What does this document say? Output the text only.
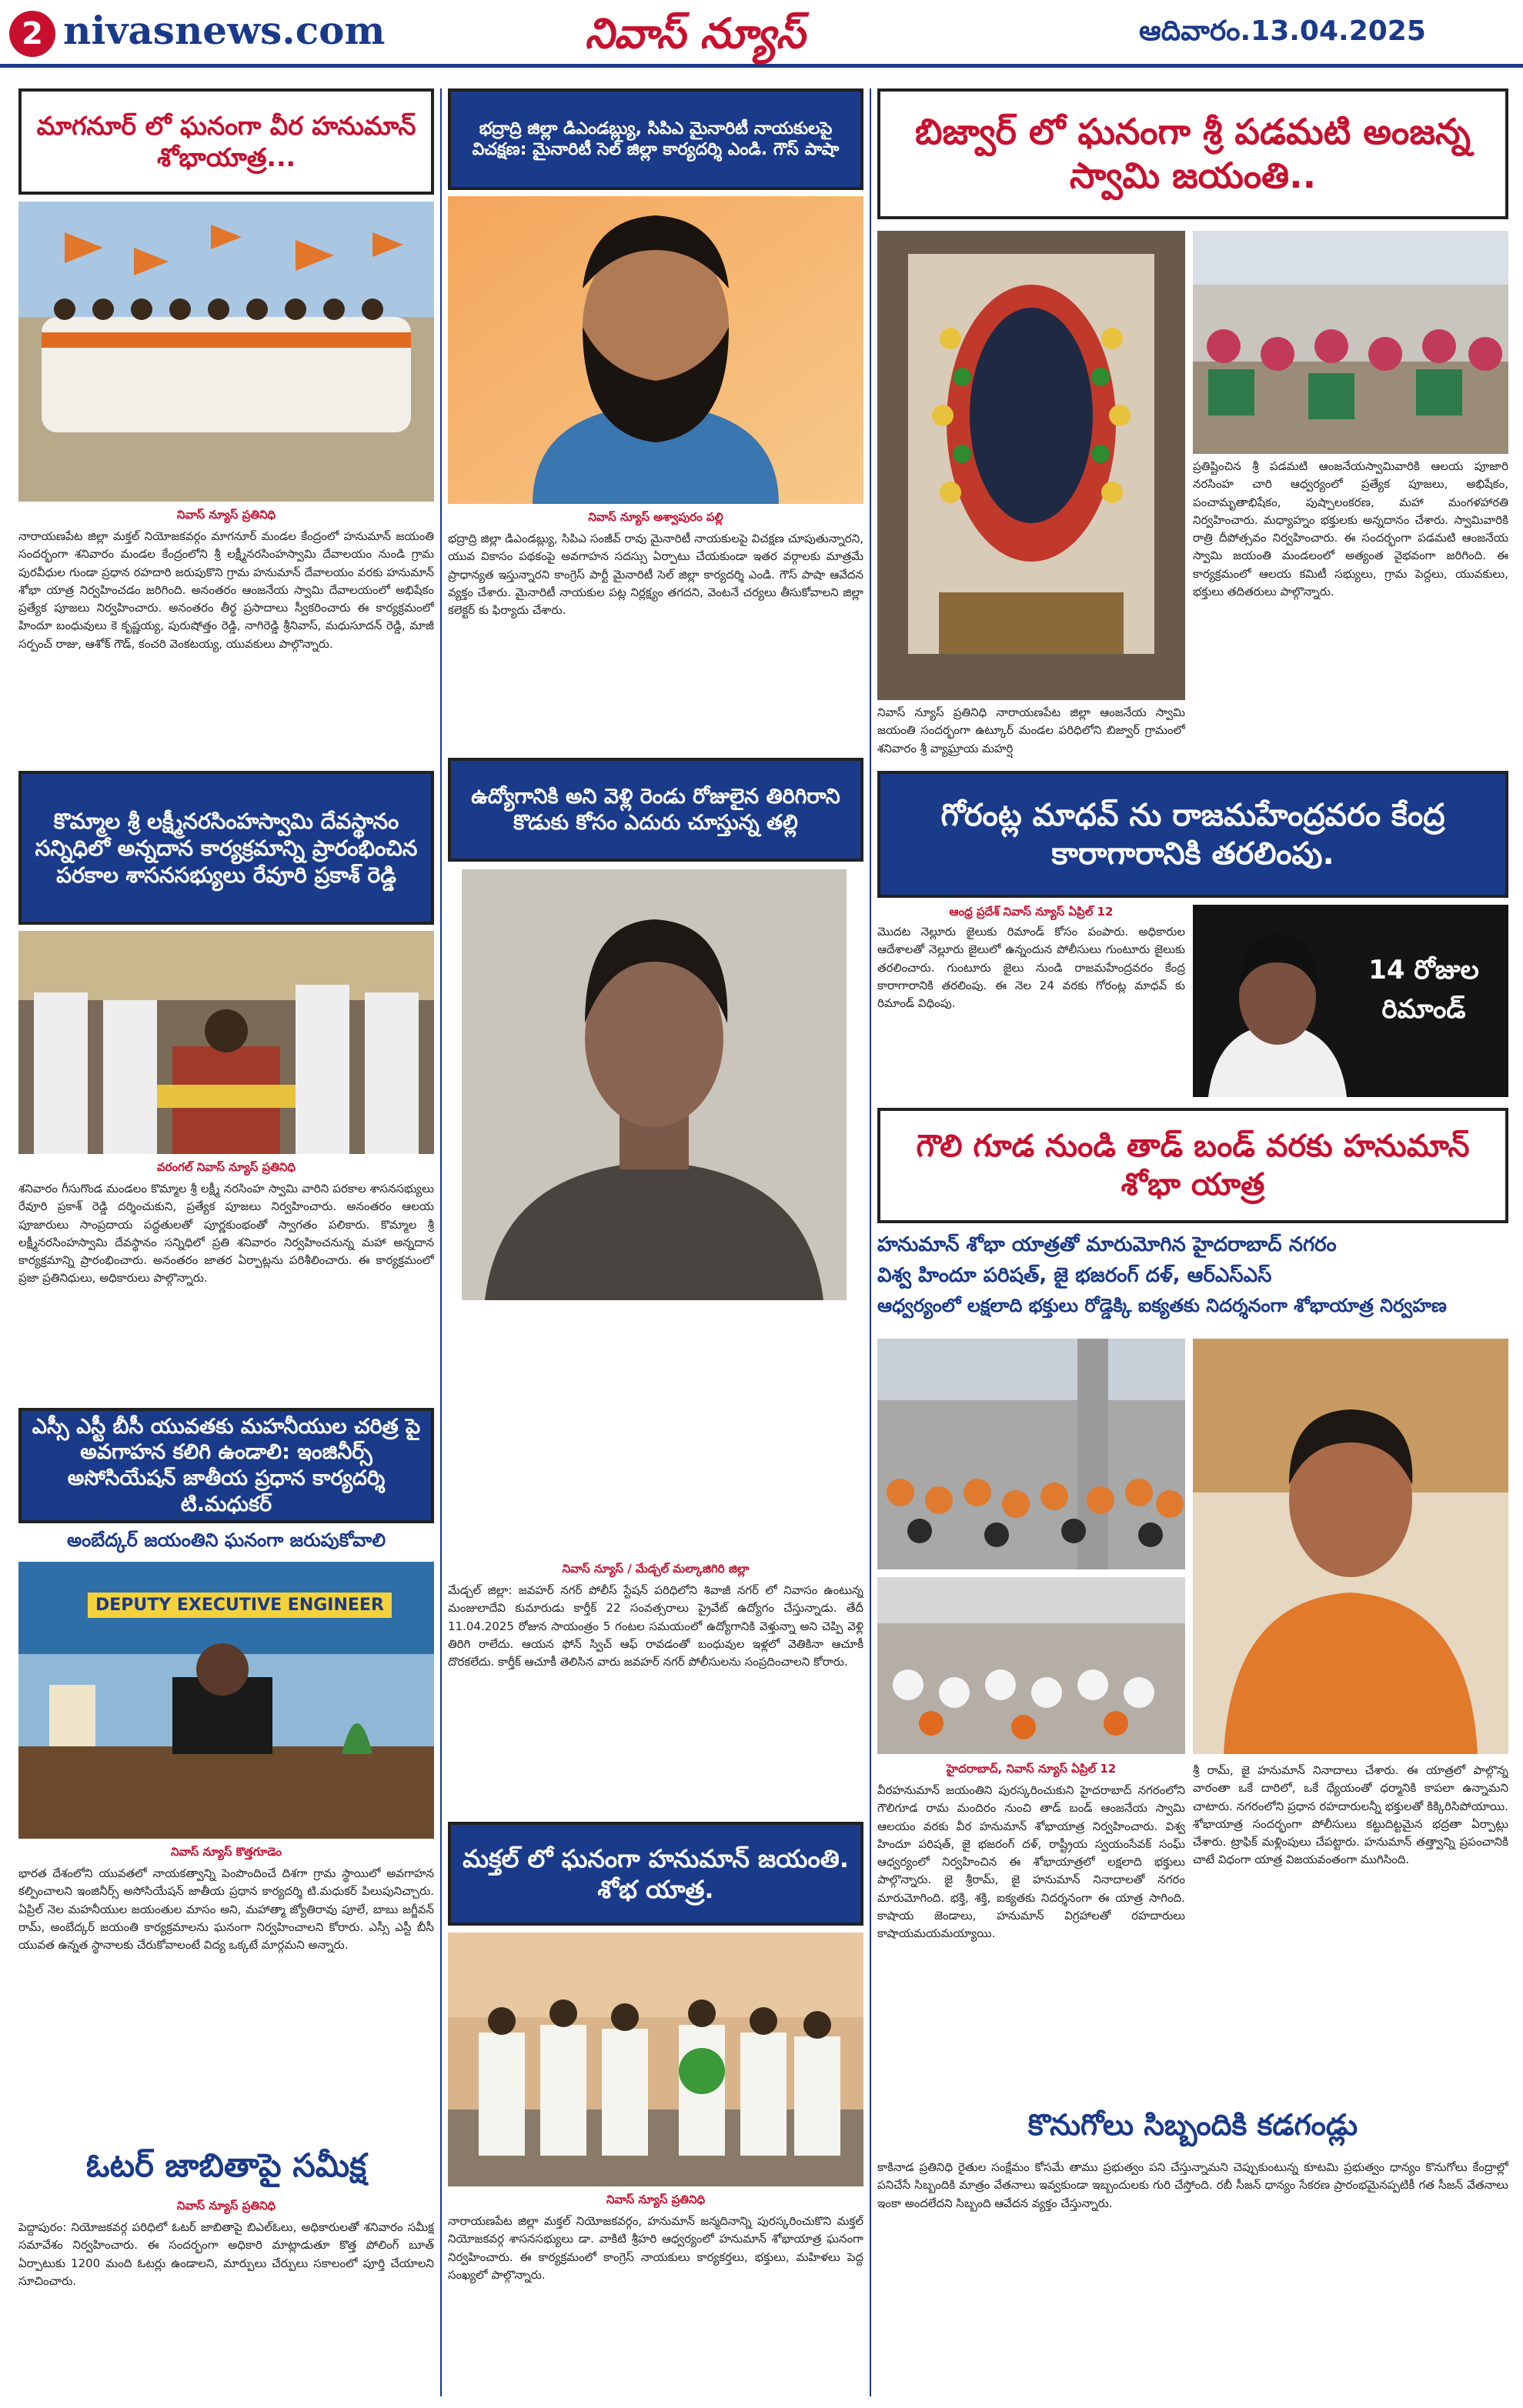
2 nivasnews.com	నివాస్ న్యూస్	ఆదివారం.13.04.2025
మాగనూర్ లో ఘనంగా వీర హనుమాన్ శోభాయాత్ర...
నివాస్ న్యూస్ ప్రతినిధి
నారాయణపేట జిల్లా మక్తల్ నియోజకవర్గం మాగనూర్ మండల కేంద్రంలో హనుమాన్ జయంతి సందర్భంగా శనివారం మండల కేంద్రంలోని శ్రీ లక్ష్మీనరసింహస్వామి దేవాలయం నుండి గ్రామ పురవీధుల గుండా ప్రధాన రహదారి జరుపుకొని గ్రామ హనుమాన్ దేవాలయం వరకు హనుమాన్ శోభా యాత్ర నిర్వహించడం జరిగింది. అనంతరం ఆంజనేయ స్వామి దేవాలయంలో అభిషేకం ప్రత్యేక పూజలు నిర్వహించారు. అనంతరం తీర్థ ప్రసాదాలు స్వీకరించారు ఈ కార్యక్రమంలో హిందూ బంధువులు కె కృష్ణయ్య, పురుషోత్తం రెడ్డి, నాగిరెడ్డి శ్రీనివాస్, మధుసూదన్ రెడ్డి, మాజీ సర్పంచ్ రాజు, ఆశోక్ గౌడ్, కంచరి వెంకటయ్య, యువకులు పాల్గొన్నారు.
కొమ్మాల శ్రీ లక్ష్మీనరసింహస్వామి దేవస్థానం సన్నిధిలో అన్నదాన కార్యక్రమాన్ని ప్రారంభించిన పరకాల శాసనసభ్యులు రేవూరి ప్రకాశ్ రెడ్డి
వరంగల్ నివాస్ న్యూస్ ప్రతినిధి
శనివారం గీసుగొండ మండలం కొమ్మాల శ్రీ లక్ష్మీ నరసింహ స్వామి వారిని పరకాల శాసనసభ్యులు రేవూరి ప్రకాశ్ రెడ్డి దర్శించుకుని, ప్రత్యేక పూజలు నిర్వహించారు. అనంతరం ఆలయ పూజారులు సాంప్రదాయ పద్ధతులతో పూర్ణకుంభంతో స్వాగతం పలికారు. కొమ్మాల శ్రీ లక్ష్మీనరసింహస్వామి దేవస్థానం సన్నిధిలో ప్రతి శనివారం నిర్వహించనున్న మహా అన్నదాన కార్యక్రమాన్ని ప్రారంభించారు. అనంతరం జాతర ఏర్పాట్లను పరిశీలించారు. ఈ కార్యక్రమంలో ప్రజా ప్రతినిధులు, అధికారులు పాల్గొన్నారు.
ఎస్సీ ఎస్టీ బీసీ యువతకు మహనీయుల చరిత్ర పై అవగాహన కలిగి ఉండాలి: ఇంజినీర్స్ అసోసియేషన్ జాతీయ ప్రధాన కార్యదర్శి టి.మధుకర్
అంబేద్కర్ జయంతిని ఘనంగా జరుపుకోవాలి
DEPUTY EXECUTIVE ENGINEER
నివాస్ న్యూస్ కొత్తగూడెం
భారత దేశంలోని యువతలో నాయకత్వాన్ని పెంపొందించే దిశగా గ్రామ స్థాయిలో అవగాహన కల్పించాలని ఇంజినీర్స్ అసోసియేషన్ జాతీయ ప్రధాన కార్యదర్శి టి.మధుకర్ పిలుపునిచ్చారు. ఏప్రిల్ నెల మహనీయుల జయంతుల మాసం అని, మహాత్మా జ్యోతిరావు పూలే, బాబు జగ్జీవన్ రామ్, అంబేద్కర్ జయంతి కార్యక్రమాలను ఘనంగా నిర్వహించాలని కోరారు. ఎస్సీ ఎస్టీ బీసీ యువత ఉన్నత స్థానాలకు చేరుకోవాలంటే విద్య ఒక్కటే మార్గమని అన్నారు.
ఓటర్ జాబితాపై సమీక్ష
నివాస్ న్యూస్ ప్రతినిధి
పెద్దాపురం: నియోజకవర్గ పరిధిలో ఓటర్ జాబితాపై బిఎల్ఓలు, అధికారులతో శనివారం సమీక్ష సమావేశం నిర్వహించారు. ఈ సందర్భంగా అధికారి మాట్లాడుతూ కొత్త పోలింగ్ బూత్ ఏర్పాటుకు 1200 మంది ఓటర్లు ఉండాలని, మార్పులు చేర్పులు సకాలంలో పూర్తి చేయాలని సూచించారు.
భద్రాద్రి జిల్లా డిఎండబ్ల్యు, సిపిఎ మైనారిటీ నాయకులపై విచక్షణ: మైనారిటీ సెల్ జిల్లా కార్యదర్శి ఎండి. గౌస్ పాషా
నివాస్ న్యూస్ అశ్వాపురం పల్లి
భద్రాద్రి జిల్లా డిఎండబ్ల్యు, సిపిఎ సంజీవ్ రావు మైనారిటీ నాయకులపై విచక్షణ చూపుతున్నారని, యువ వికాసం పథకంపై అవగాహన సదస్సు ఏర్పాటు చేయకుండా ఇతర వర్గాలకు మాత్రమే ప్రాధాన్యత ఇస్తున్నారని కాంగ్రెస్ పార్టీ మైనారిటీ సెల్ జిల్లా కార్యదర్శి ఎండి. గౌస్ పాషా ఆవేదన వ్యక్తం చేశారు. మైనారిటీ నాయకుల పట్ల నిర్లక్ష్యం తగదని, వెంటనే చర్యలు తీసుకోవాలని జిల్లా కలెక్టర్ కు ఫిర్యాదు చేశారు.
ఉద్యోగానికి అని వెళ్లి రెండు రోజులైన తిరిగిరాని కొడుకు కోసం ఎదురు చూస్తున్న తల్లి
నివాస్ న్యూస్ / మేడ్చల్ మల్కాజిగిరి జిల్లా
మేడ్చల్ జిల్లా: జవహర్ నగర్ పోలీస్ స్టేషన్ పరిధిలోని శివాజీ నగర్ లో నివాసం ఉంటున్న మంజులాదేవి కుమారుడు కార్తీక్ 22 సంవత్సరాలు ప్రైవేట్ ఉద్యోగం చేస్తున్నాడు. తేదీ 11.04.2025 రోజున సాయంత్రం 5 గంటల సమయంలో ఉద్యోగానికి వెళ్తున్నా అని చెప్పి వెళ్లి తిరిగి రాలేదు. ఆయన ఫోన్ స్విచ్ ఆఫ్ రావడంతో బంధువుల ఇళ్లలో వెతికినా ఆచూకీ దొరకలేదు. కార్తీక్ ఆచూకీ తెలిసిన వారు జవహర్ నగర్ పోలీసులను సంప్రదించాలని కోరారు.
మక్తల్ లో ఘనంగా హనుమాన్ జయంతి. శోభ యాత్ర.
నివాస్ న్యూస్ ప్రతినిధి
నారాయణపేట జిల్లా మక్తల్ నియోజకవర్గం, హనుమాన్ జన్మదినాన్ని పురస్కరించుకొని మక్తల్ నియోజకవర్గ శాసనసభ్యులు డా. వాకిటి శ్రీహరి ఆధ్వర్యంలో హనుమాన్ శోభాయాత్ర ఘనంగా నిర్వహించారు. ఈ కార్యక్రమంలో కాంగ్రెస్ నాయకులు కార్యకర్తలు, భక్తులు, మహిళలు పెద్ద సంఖ్యలో పాల్గొన్నారు.
బిజ్వార్ లో ఘనంగా శ్రీ పడమటి అంజన్న స్వామి జయంతి..
ప్రతిష్టించిన శ్రీ పడమటి ఆంజనేయస్వామివారికి ఆలయ పూజారి నరసింహ చారి ఆధ్వర్యంలో ప్రత్యేక పూజలు, అభిషేకం, పంచామృతాభిషేకం, పుష్పాలంకరణ, మహా మంగళహారతి నిర్వహించారు. మధ్యాహ్నం భక్తులకు అన్నదానం చేశారు. స్వామివారికి రాత్రి దీపోత్సవం నిర్వహించారు. ఈ సందర్భంగా పడమటి ఆంజనేయ స్వామి జయంతి మండలంలో అత్యంత వైభవంగా జరిగింది. ఈ కార్యక్రమంలో ఆలయ కమిటీ సభ్యులు, గ్రామ పెద్దలు, యువకులు, భక్తులు తదితరులు పాల్గొన్నారు.
నివాస్ న్యూస్ ప్రతినిధి నారాయణపేట జిల్లా ఆంజనేయ స్వామి జయంతి సందర్భంగా ఉట్కూర్ మండల పరిధిలోని బిజ్వార్ గ్రామంలో శనివారం శ్రీ వ్యాఘ్రాయ మహర్షి
గోరంట్ల మాధవ్ ను రాజమహేంద్రవరం కేంద్ర కారాగారానికి తరలింపు.
ఆంధ్ర ప్రదేశ్ నివాస్ న్యూస్ ఏప్రిల్ 12
మొదట నెల్లూరు జైలుకు రిమాండ్ కోసం పంపారు. అధికారుల ఆదేశాలతో నెల్లూరు జైలులో ఉన్నందున పోలీసులు గుంటూరు జైలుకు తరలించారు. గుంటూరు జైలు నుండి రాజమహేంద్రవరం కేంద్ర కారాగారానికి తరలింపు. ఈ నెల 24 వరకు గోరంట్ల మాధవ్ కు రిమాండ్ విధింపు.
14 రోజుల రిమాండ్
గౌలి గూడ నుండి తాడ్ బండ్ వరకు హనుమాన్ శోభా యాత్ర
హనుమాన్ శోభా యాత్రతో మారుమోగిన హైదరాబాద్ నగరం
విశ్వ హిందూ పరిషత్, జై భజరంగ్ దళ్, ఆర్ఎస్ఎస్
ఆధ్వర్యంలో లక్షలాది భక్తులు రోడ్డెక్కి ఐక్యతకు నిదర్శనంగా శోభాయాత్ర నిర్వహణ
హైదరాబాద్, నివాస్ న్యూస్ ఏప్రిల్ 12
వీరహనుమాన్ జయంతిని పురస్కరించుకుని హైదరాబాద్ నగరంలోని గౌలిగూడ రామ మందిరం నుంచి తాడ్ బండ్ ఆంజనేయ స్వామి ఆలయం వరకు వీర హనుమాన్ శోభాయాత్ర నిర్వహించారు. విశ్వ హిందూ పరిషత్, జై భజరంగ్ దళ్, రాష్ట్రీయ స్వయంసేవక్ సంఘ్ ఆధ్వర్యంలో నిర్వహించిన ఈ శోభాయాత్రలో లక్షలాది భక్తులు పాల్గొన్నారు. జై శ్రీరామ్, జై హనుమాన్ నినాదాలతో నగరం మారుమోగింది. భక్తి, శక్తి, ఐక్యతకు నిదర్శనంగా ఈ యాత్ర సాగింది. కాషాయ జెండాలు, హనుమాన్ విగ్రహాలతో రహదారులు కాషాయమయమయ్యాయి.
శ్రీ రామ్, జై హనుమాన్ నినాదాలు చేశారు. ఈ యాత్రలో పాల్గొన్న వారంతా ఒకే దారిలో, ఒకే ధ్యేయంతో ధర్మానికి కాపలా ఉన్నామని చాటారు. నగరంలోని ప్రధాన రహదారులన్నీ భక్తులతో కిక్కిరిసిపోయాయి. శోభాయాత్ర సందర్భంగా పోలీసులు కట్టుదిట్టమైన భద్రతా ఏర్పాట్లు చేశారు. ట్రాఫిక్ మళ్లింపులు చేపట్టారు. హనుమాన్ తత్త్వాన్ని ప్రపంచానికి చాటే విధంగా యాత్ర విజయవంతంగా ముగిసింది.
కొనుగోలు సిబ్బందికి కడగండ్లు
కాకినాడ ప్రతినిధి రైతుల సంక్షేమం కోసమే తాము ప్రభుత్వం పని చేస్తున్నామని చెప్పుకుంటున్న కూటమి ప్రభుత్వం ధాన్యం కొనుగోలు కేంద్రాల్లో పనిచేసే సిబ్బందికి మాత్రం వేతనాలు ఇవ్వకుండా ఇబ్బందులకు గురి చేస్తోంది. రబీ సీజన్ ధాన్యం సేకరణ ప్రారంభమైనప్పటికీ గత సీజన్ వేతనాలు ఇంకా అందలేదని సిబ్బంది ఆవేదన వ్యక్తం చేస్తున్నారు.
